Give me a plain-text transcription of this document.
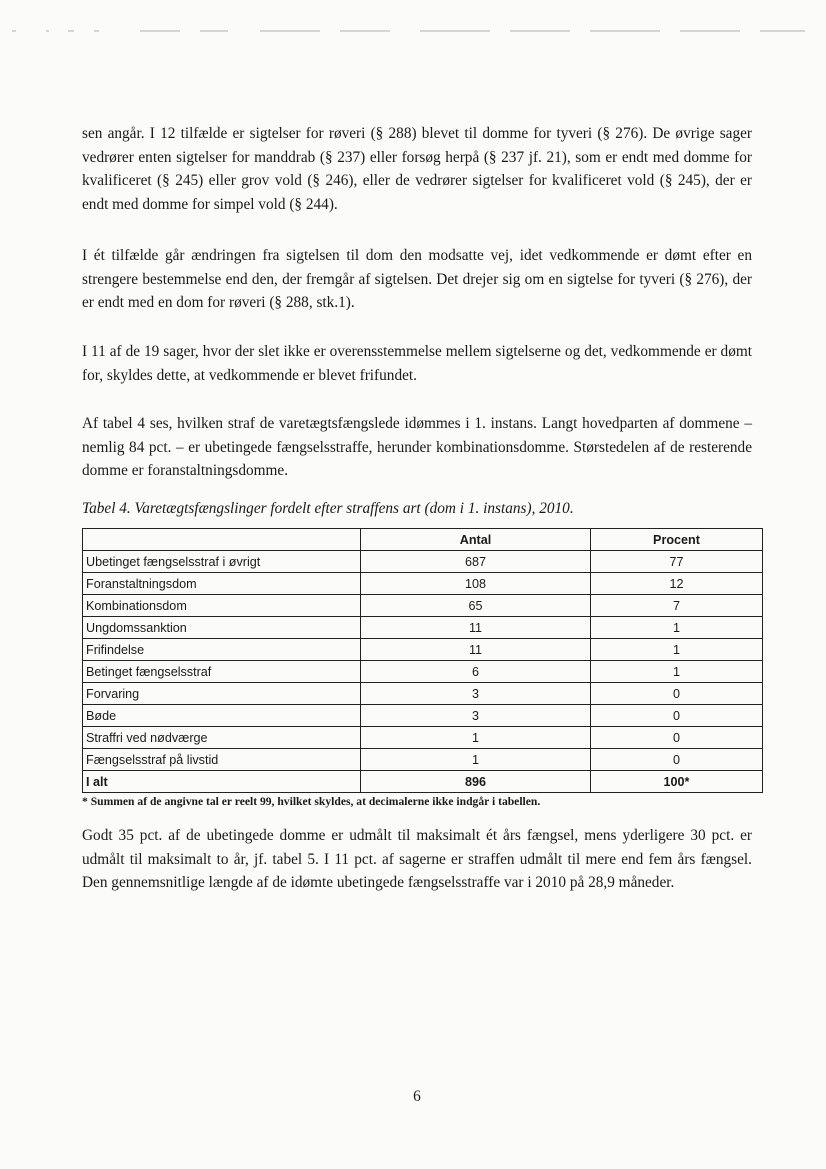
sen angår. I 12 tilfælde er sigtelser for røveri (§ 288) blevet til domme for tyveri (§ 276). De øvrige sager vedrører enten sigtelser for manddrab (§ 237) eller forsøg herpå (§ 237 jf. 21), som er endt med domme for kvalificeret (§ 245) eller grov vold (§ 246), eller de vedrører sigtelser for kvalificeret vold (§ 245), der er endt med domme for simpel vold (§ 244).

I ét tilfælde går ændringen fra sigtelsen til dom den modsatte vej, idet vedkommende er dømt efter en strengere bestemmelse end den, der fremgår af sigtelsen. Det drejer sig om en sigtelse for tyveri (§ 276), der er endt med en dom for røveri (§ 288, stk.1).

I 11 af de 19 sager, hvor der slet ikke er overensstemmelse mellem sigtelserne og det, vedkommende er dømt for, skyldes dette, at vedkommende er blevet frifundet.

Af tabel 4 ses, hvilken straf de varetægtsfængslede idømmes i 1. instans. Langt hovedparten af dommene – nemlig 84 pct. – er ubetingede fængselsstraffe, herunder kombinationsdomme. Størstedelen af de resterende domme er foranstaltningsdomme.

Tabel 4. Varetægtsfængslinger fordelt efter straffens art (dom i 1. instans), 2010.
	Antal	Procent
Ubetinget fængselsstraf i øvrigt	687	77
Foranstaltningsdom	108	12
Kombinationsdom	65	7
Ungdomssanktion	11	1
Frifindelse	11	1
Betinget fængselsstraf	6	1
Forvaring	3	0
Bøde	3	0
Straffri ved nødværge	1	0
Fængselsstraf på livstid	1	0
I alt	896	100*
* Summen af de angivne tal er reelt 99, hvilket skyldes, at decimalerne ikke indgår i tabellen.

Godt 35 pct. af de ubetingede domme er udmålt til maksimalt ét års fængsel, mens yderligere 30 pct. er udmålt til maksimalt to år, jf. tabel 5. I 11 pct. af sagerne er straffen udmålt til mere end fem års fængsel. Den gennemsnitlige længde af de idømte ubetingede fængselsstraffe var i 2010 på 28,9 måneder.

6
